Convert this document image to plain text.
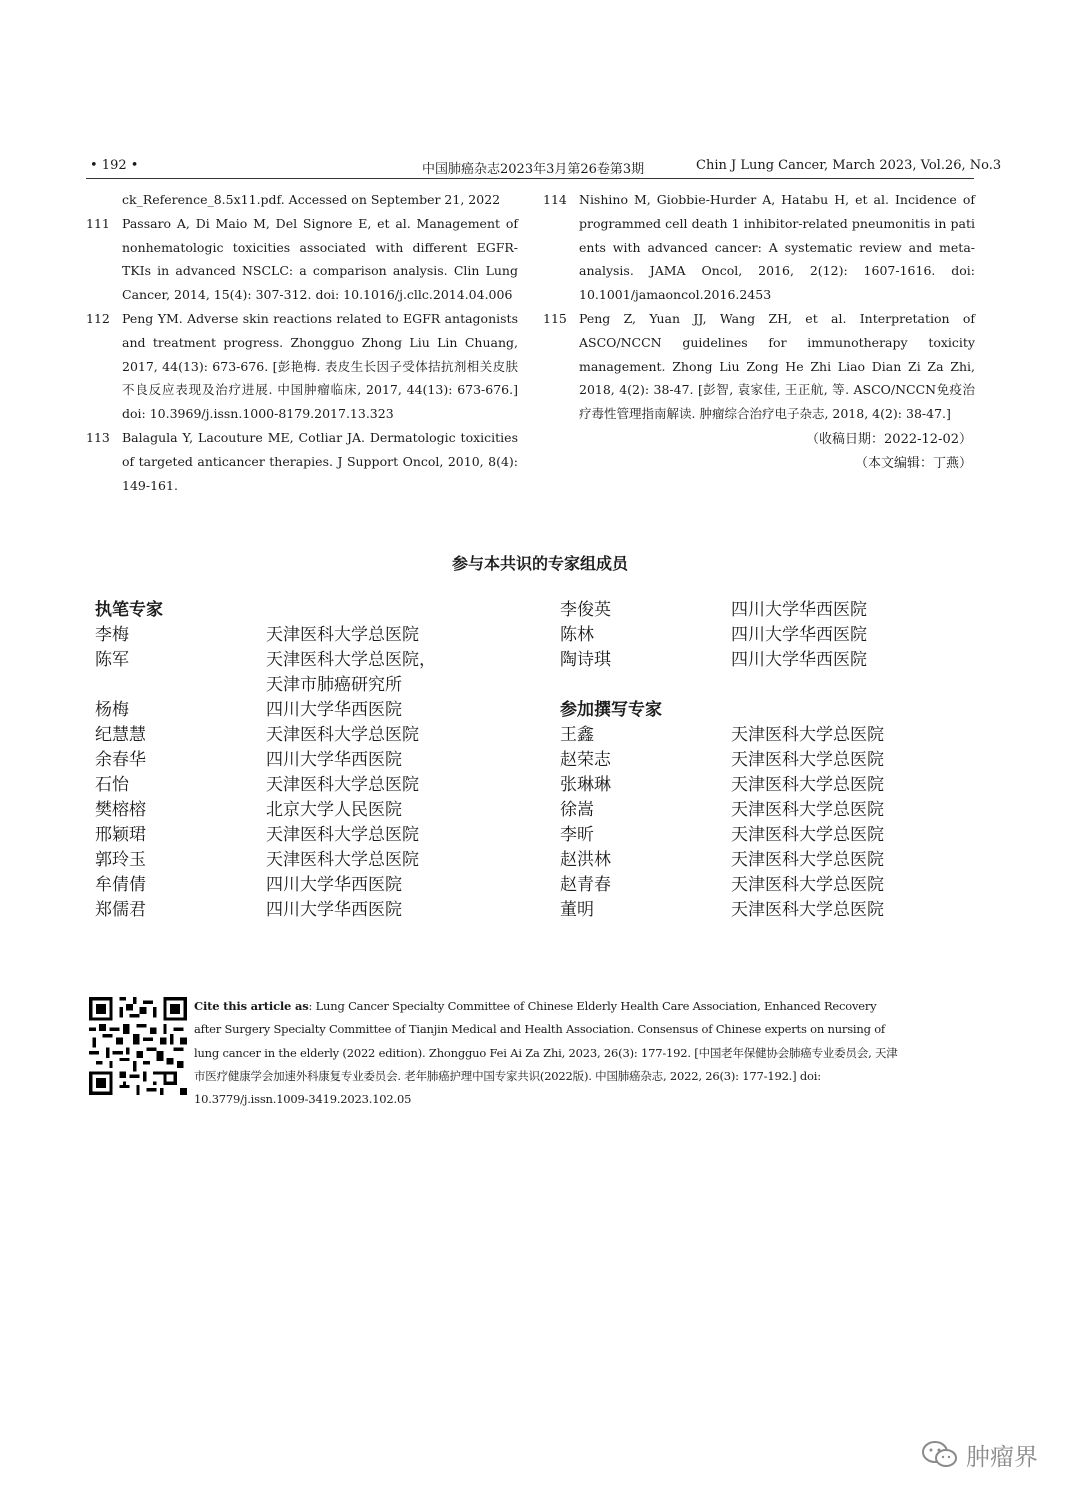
• 192 •	中国肺癌杂志2023年3月第26卷第3期	Chin J Lung Cancer, March 2023, Vol.26, No.3
ck_Reference_8.5x11.pdf. Accessed on September 21, 2022
111 Passaro A, Di Maio M, Del Signore E, et al. Management of nonhematologic toxicities associated with different EGFR-TKIs in advanced NSCLC: a comparison analysis. Clin Lung Cancer, 2014, 15(4): 307-312. doi: 10.1016/j.cllc.2014.04.006
112 Peng YM. Adverse skin reactions related to EGFR antagonists and treatment progress. Zhongguo Zhong Liu Lin Chuang, 2017, 44(13): 673-676. [彭艳梅. 表皮生长因子受体拮抗剂相关皮肤不良反应表现及治疗进展. 中国肿瘤临床, 2017, 44(13): 673-676.] doi: 10.3969/j.issn.1000-8179.2017.13.323
113 Balagula Y, Lacouture ME, Cotliar JA. Dermatologic toxicities of targeted anticancer therapies. J Support Oncol, 2010, 8(4): 149-161.
114 Nishino M, Giobbie-Hurder A, Hatabu H, et al. Incidence of programmed cell death 1 inhibitor-related pneumonitis in pati ents with advanced cancer: A systematic review and meta-analysis. JAMA Oncol, 2016, 2(12): 1607-1616. doi: 10.1001/jamaoncol.2016.2453
115 Peng Z, Yuan JJ, Wang ZH, et al. Interpretation of ASCO/NCCN guidelines for immunotherapy toxicity management. Zhong Liu Zong He Zhi Liao Dian Zi Za Zhi, 2018, 4(2): 38-47. [彭智, 袁家佳, 王正航, 等. ASCO/NCCN免疫治疗毒性管理指南解读. 肿瘤综合治疗电子杂志, 2018, 4(2): 38-47.]
（收稿日期：2022-12-02）
（本文编辑：丁燕）
参与本共识的专家组成员
执笔专家
李梅	天津医科大学总医院
陈军	天津医科大学总医院，
天津市肺癌研究所
杨梅	四川大学华西医院
纪慧慧	天津医科大学总医院
余春华	四川大学华西医院
石怡	天津医科大学总医院
樊榕榕	北京大学人民医院
邢颖珺	天津医科大学总医院
郭玲玉	天津医科大学总医院
牟倩倩	四川大学华西医院
郑儒君	四川大学华西医院
李俊英	四川大学华西医院
陈林	四川大学华西医院
陶诗琪	四川大学华西医院
参加撰写专家
王鑫	天津医科大学总医院
赵荣志	天津医科大学总医院
张琳琳	天津医科大学总医院
徐嵩	天津医科大学总医院
李昕	天津医科大学总医院
赵洪林	天津医科大学总医院
赵青春	天津医科大学总医院
董明	天津医科大学总医院
Cite this article as: Lung Cancer Specialty Committee of Chinese Elderly Health Care Association, Enhanced Recovery after Surgery Specialty Committee of Tianjin Medical and Health Association. Consensus of Chinese experts on nursing of lung cancer in the elderly (2022 edition). Zhongguo Fei Ai Za Zhi, 2023, 26(3): 177-192. [中国老年保健协会肺癌专业委员会, 天津市医疗健康学会加速外科康复专业委员会. 老年肺癌护理中国专家共识(2022版). 中国肺癌杂志, 2022, 26(3): 177-192.] doi: 10.3779/j.issn.1009-3419.2023.102.05
肿瘤界
